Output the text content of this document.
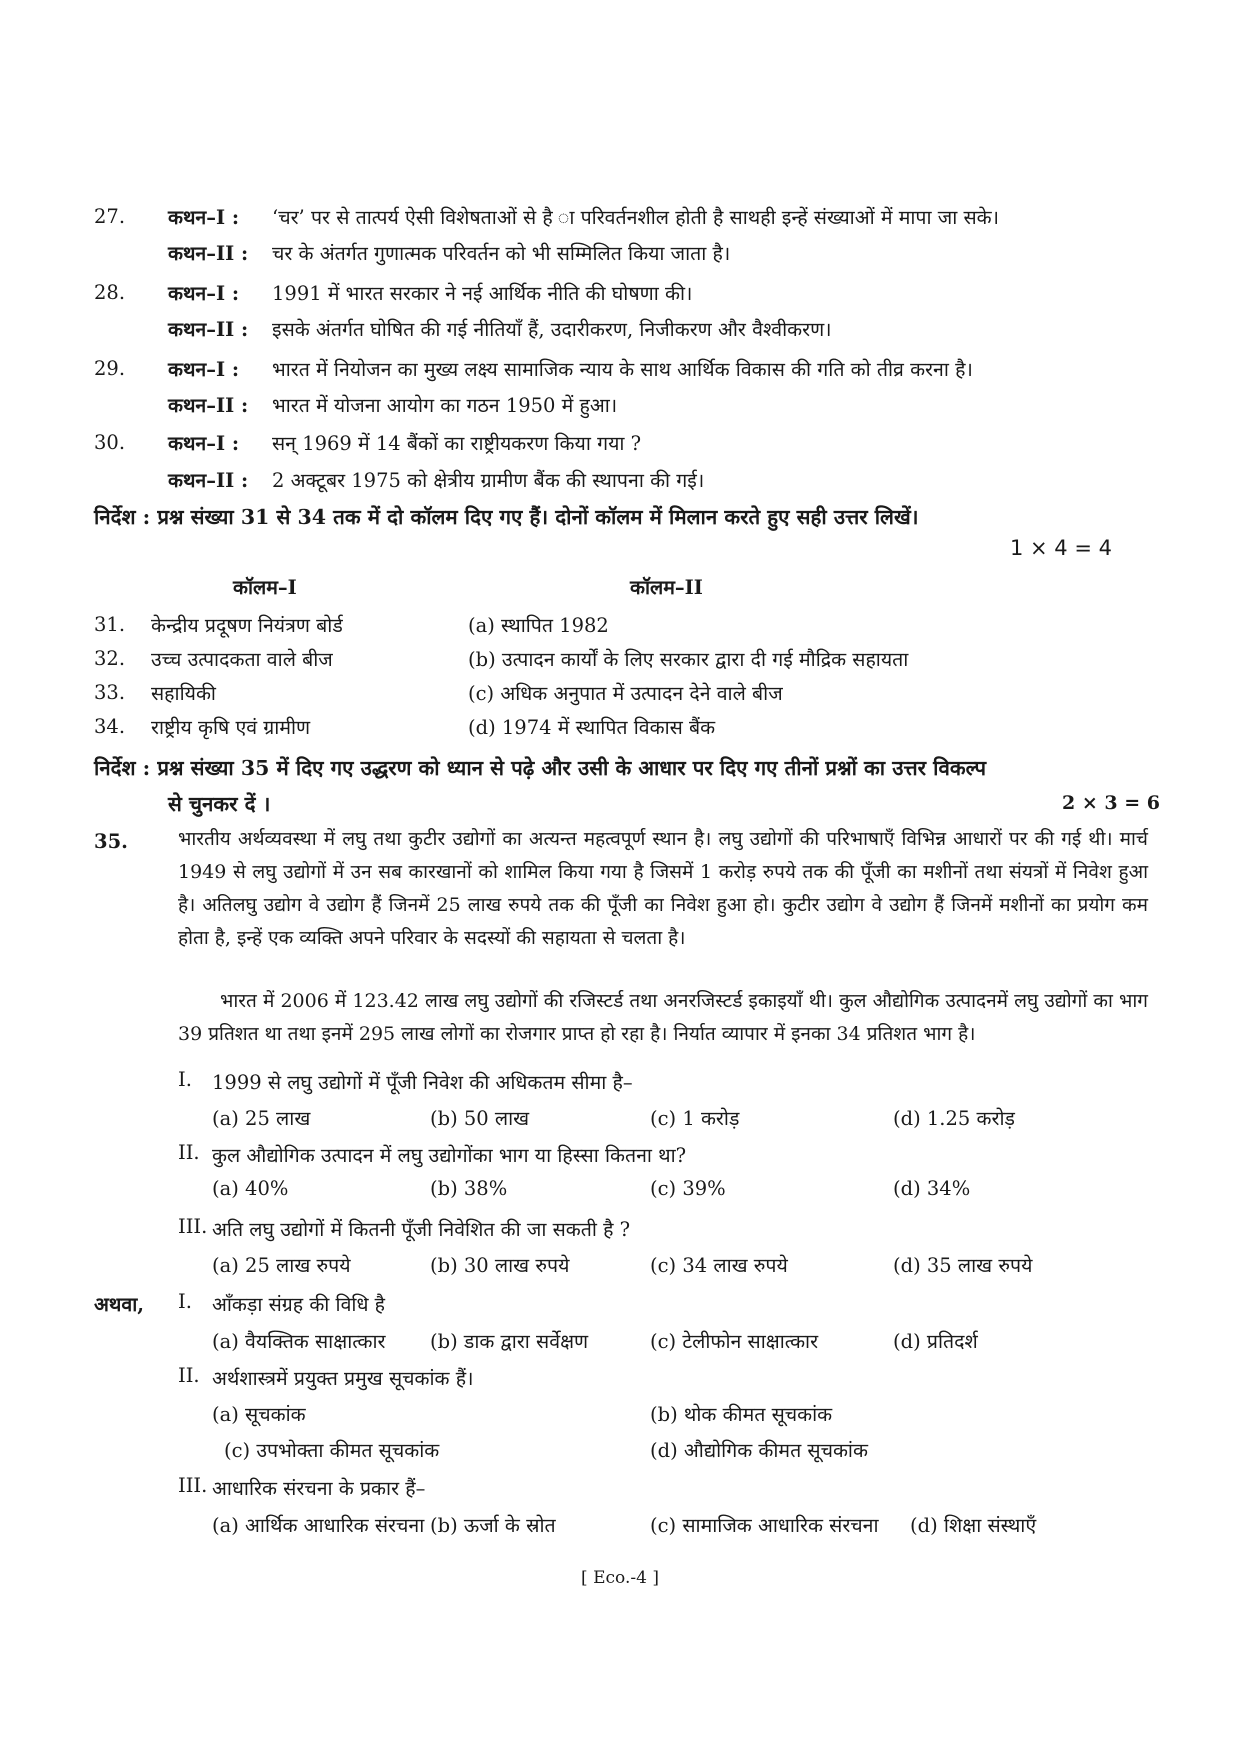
27. कथन–I : ‘चर’ पर से तात्पर्य ऐसी विशेषताओं से है ा परिवर्तनशील होती है साथही इन्हें संख्याओं में मापा जा सके।
कथन–II : चर के अंतर्गत गुणात्मक परिवर्तन को भी सम्मिलित किया जाता है।
28. कथन–I : 1991 में भारत सरकार ने नई आर्थिक नीति की घोषणा की।
कथन–II : इसके अंतर्गत घोषित की गई नीतियाँ हैं, उदारीकरण, निजीकरण और वैश्वीकरण।
29. कथन–I : भारत में नियोजन का मुख्य लक्ष्य सामाजिक न्याय के साथ आर्थिक विकास की गति को तीव्र करना है।
कथन–II : भारत में योजना आयोग का गठन 1950 में हुआ।
30. कथन–I : सन् 1969 में 14 बैंकों का राष्ट्रीयकरण किया गया ?
कथन–II : 2 अक्टूबर 1975 को क्षेत्रीय ग्रामीण बैंक की स्थापना की गई।
निर्देश : प्रश्न संख्या 31 से 34 तक में दो कॉलम दिए गए हैं। दोनों कॉलम में मिलान करते हुए सही उत्तर लिखें।
1 × 4 = 4
कॉलम–I	कॉलम–II
31. केन्द्रीय प्रदूषण नियंत्रण बोर्ड	(a) स्थापित 1982
32. उच्च उत्पादकता वाले बीज	(b) उत्पादन कार्यों के लिए सरकार द्वारा दी गई मौद्रिक सहायता
33. सहायिकी	(c) अधिक अनुपात में उत्पादन देने वाले बीज
34. राष्ट्रीय कृषि एवं ग्रामीण	(d) 1974 में स्थापित विकास बैंक
निर्देश : प्रश्न संख्या 35 में दिए गए उद्धरण को ध्यान से पढ़े और उसी के आधार पर दिए गए तीनों प्रश्नों का उत्तर विकल्प
से चुनकर दें ।	2 × 3 = 6
35.	भारतीय अर्थव्यवस्था में लघु तथा कुटीर उद्योगों का अत्यन्त महत्वपूर्ण स्थान है। लघु उद्योगों की परिभाषाएँ विभिन्न आधारों पर की गई थी। मार्च 1949 से लघु उद्योगों में उन सब कारखानों को शामिल किया गया है जिसमें 1 करोड़ रुपये तक की पूँजी का मशीनों तथा संयत्रों में निवेश हुआ है। अतिलघु उद्योग वे उद्योग हैं जिनमें 25 लाख रुपये तक की पूँजी का निवेश हुआ हो। कुटीर उद्योग वे उद्योग हैं जिनमें मशीनों का प्रयोग कम होता है, इन्हें एक व्यक्ति अपने परिवार के सदस्यों की सहायता से चलता है।
भारत में 2006 में 123.42 लाख लघु उद्योगों की रजिस्टर्ड तथा अनरजिस्टर्ड इकाइयाँ थी। कुल औद्योगिक उत्पादनमें लघु उद्योगों का भाग 39 प्रतिशत था तथा इनमें 295 लाख लोगों का रोजगार प्राप्त हो रहा है। निर्यात व्यापार में इनका 34 प्रतिशत भाग है।
I. 1999 से लघु उद्योगों में पूँजी निवेश की अधिकतम सीमा है–
(a) 25 लाख	(b) 50 लाख	(c) 1 करोड़	(d) 1.25 करोड़
II. कुल औद्योगिक उत्पादन में लघु उद्योगोंका भाग या हिस्सा कितना था?
(a) 40%	(b) 38%	(c) 39%	(d) 34%
III. अति लघु उद्योगों में कितनी पूँजी निवेशित की जा सकती है ?
(a) 25 लाख रुपये	(b) 30 लाख रुपये	(c) 34 लाख रुपये	(d) 35 लाख रुपये
अथवा, I. आँकड़ा संग्रह की विधि है
(a) वैयक्तिक साक्षात्कार (b) डाक द्वारा सर्वेक्षण	(c) टेलीफोन साक्षात्कार	(d) प्रतिदर्श
II. अर्थशास्त्रमें प्रयुक्त प्रमुख सूचकांक हैं।
(a) सूचकांक	(b) थोक कीमत सूचकांक
(c) उपभोक्ता कीमत सूचकांक	(d) औद्योगिक कीमत सूचकांक
III. आधारिक संरचना के प्रकार हैं–
(a) आर्थिक आधारिक संरचना (b) ऊर्जा के स्रोत	(c) सामाजिक आधारिक संरचना (d) शिक्षा संस्थाएँ
[ Eco.-4 ]
